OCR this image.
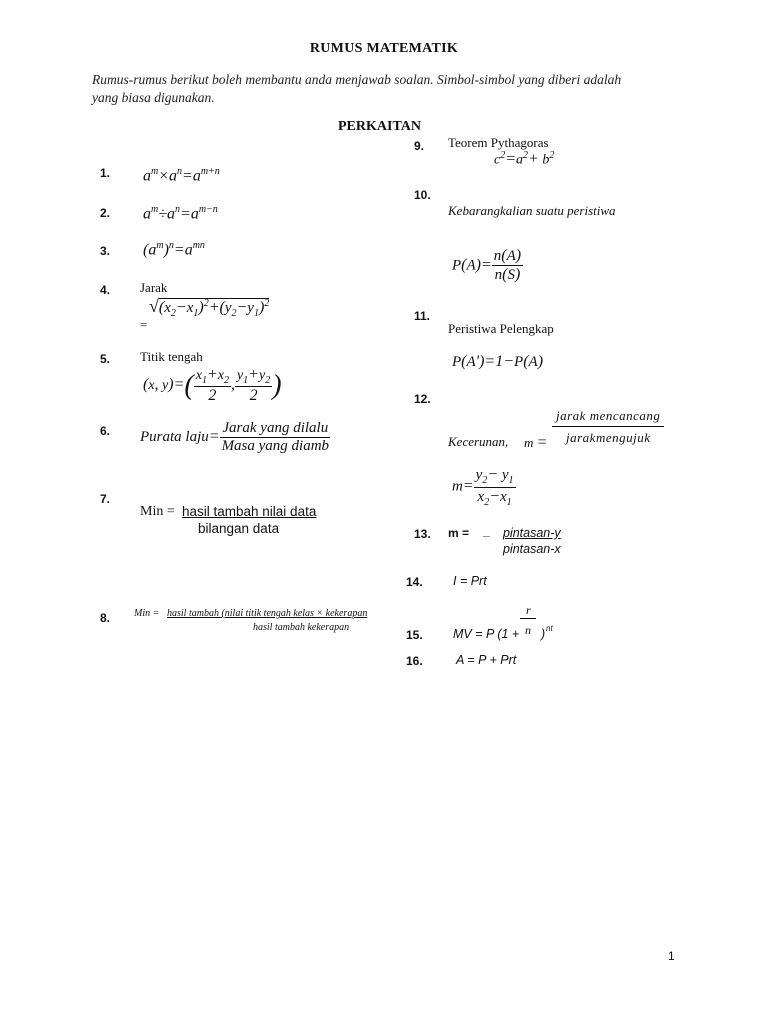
RUMUS MATEMATIK
Rumus-rumus berikut boleh membantu anda menjawab soalan. Simbol-simbol yang diberi adalah
yang biasa digunakan.
PERKAITAN
1. $a^m\times a^n=a^{m+n}$
2. $a^m\div a^n=a^{m-n}$
3. $(a^m)^n=a^{mn}$
4. Jarak
$√(x_2-x_1)^2+(y_2-y_1)^2$
=
5. Titik tengah
(x, $y)=( \frac{x_1+x_2}{2}$ , $\frac{y_1+y_2}{2}$ )
6. Purata laju= $\frac{\text{Jarak yang dilalu}}{\text{Masa yang diamb}}$
7.
Min = hasil tambah nilai data
bilangan data
8. Min = hasil tambah (nilai titik tengah kelas × kekerapan
hasil tambah kekerapan
9. Teorem Pythagoras
$c^2=a^2+ b^2$
10.
Kebarangkalian suatu peristiwa
$P(A)= \frac{n(A)}{n(S)}$
11.
Peristiwa Pelengkap
P(A')=1−P(A)
12.
Kecerunan, m =
jarak mencancang
jarakmengujuk
$m= \frac{y_2- y_1}{x_2-x_1}$
13. m = _ pintasan-y
pintasan-x
14. I = Prt
r
n
15. MV = P (1 + ) nt
16.	A = P + Prt
1
